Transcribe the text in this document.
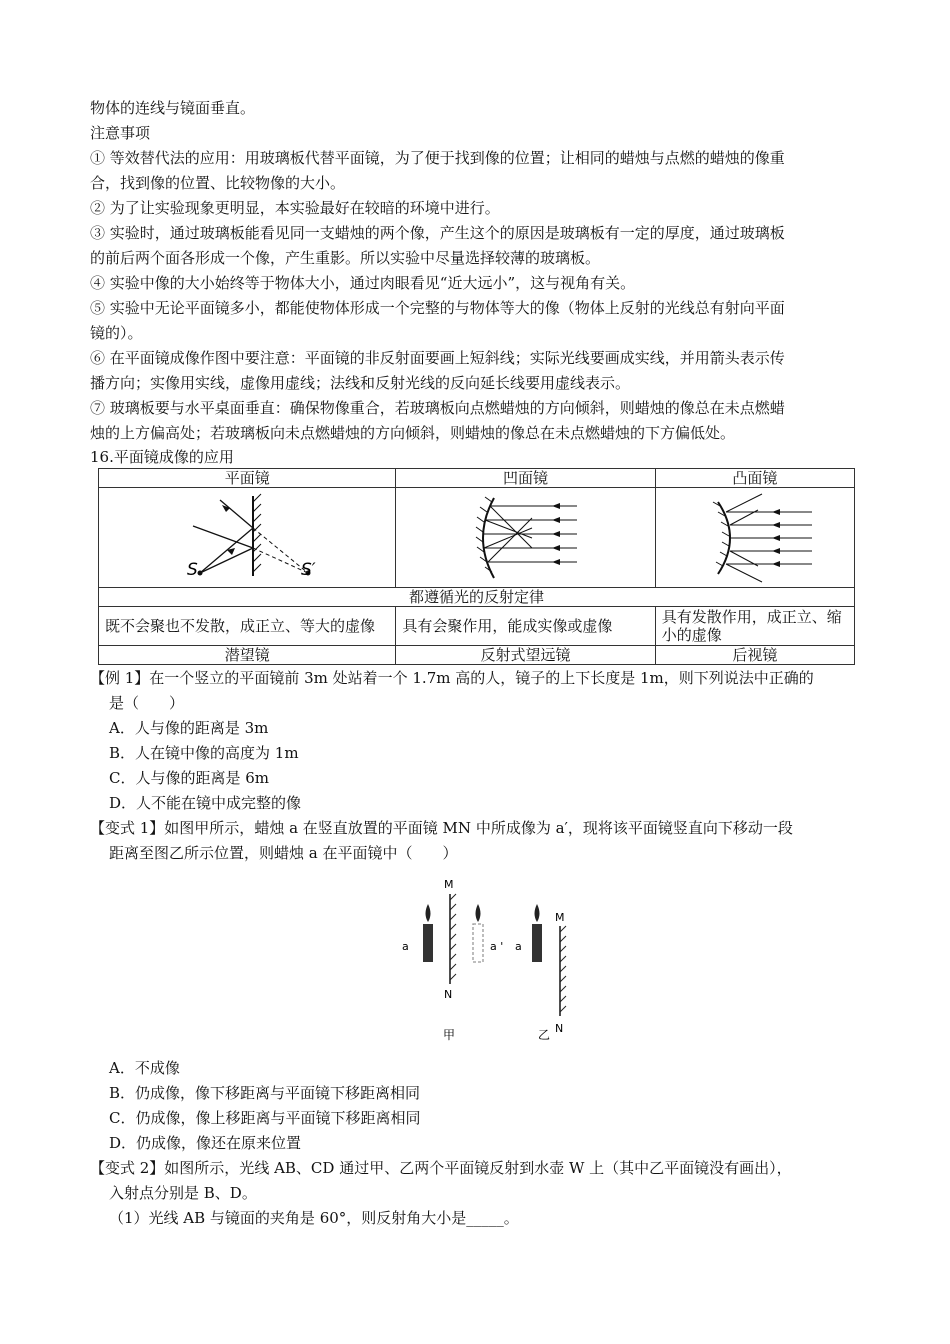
物体的连线与镜面垂直。
注意事项
① 等效替代法的应用：用玻璃板代替平面镜，为了便于找到像的位置；让相同的蜡烛与点燃的蜡烛的像重
合，找到像的位置、比较物像的大小。
② 为了让实验现象更明显，本实验最好在较暗的环境中进行。
③ 实验时，通过玻璃板能看见同一支蜡烛的两个像，产生这个的原因是玻璃板有一定的厚度，通过玻璃板
的前后两个面各形成一个像，产生重影。所以实验中尽量选择较薄的玻璃板。
④ 实验中像的大小始终等于物体大小，通过肉眼看见“近大远小”，这与视角有关。
⑤ 实验中无论平面镜多小，都能使物体形成一个完整的与物体等大的像（物体上反射的光线总有射向平面
镜的）。
⑥ 在平面镜成像作图中要注意：平面镜的非反射面要画上短斜线；实际光线要画成实线，并用箭头表示传
播方向；实像用实线，虚像用虚线；法线和反射光线的反向延长线要用虚线表示。
⑦ 玻璃板要与水平桌面垂直：确保物像重合，若玻璃板向点燃蜡烛的方向倾斜，则蜡烛的像总在未点燃蜡
烛的上方偏高处；若玻璃板向未点燃蜡烛的方向倾斜，则蜡烛的像总在未点燃蜡烛的下方偏低处。
16.平面镜成像的应用
平面镜	凹面镜	凸面镜

S S′

都遵循光的反射定律		
既不会聚也不发散，成正立、等大的虚像	具有会聚作用，能成实像或虚像	具有发散作用，成正立、缩小的虚像
潜望镜	反射式望远镜	后视镜
【例 1】在一个竖立的平面镜前 3m 处站着一个 1.7m 高的人，镜子的上下长度是 1m，则下列说法中正确的
是（　　）
A．人与像的距离是 3m
B．人在镜中像的高度为 1m
C．人与像的距离是 6m
D．人不能在镜中成完整的像
【变式 1】如图甲所示，蜡烛 a 在竖直放置的平面镜 MN 中所成像为 a′，现将该平面镜竖直向下移动一段
距离至图乙所示位置，则蜡烛 a 在平面镜中（　　）
M
N
a	a '
甲
M
N
a
乙
A．不成像
B．仍成像，像下移距离与平面镜下移距离相同
C．仍成像，像上移距离与平面镜下移距离相同
D．仍成像，像还在原来位置
【变式 2】如图所示，光线 AB、CD 通过甲、乙两个平面镜反射到水壶 W 上（其中乙平面镜没有画出），
入射点分别是 B、D。
（1）光线 AB 与镜面的夹角是 60°，则反射角大小是_____。
